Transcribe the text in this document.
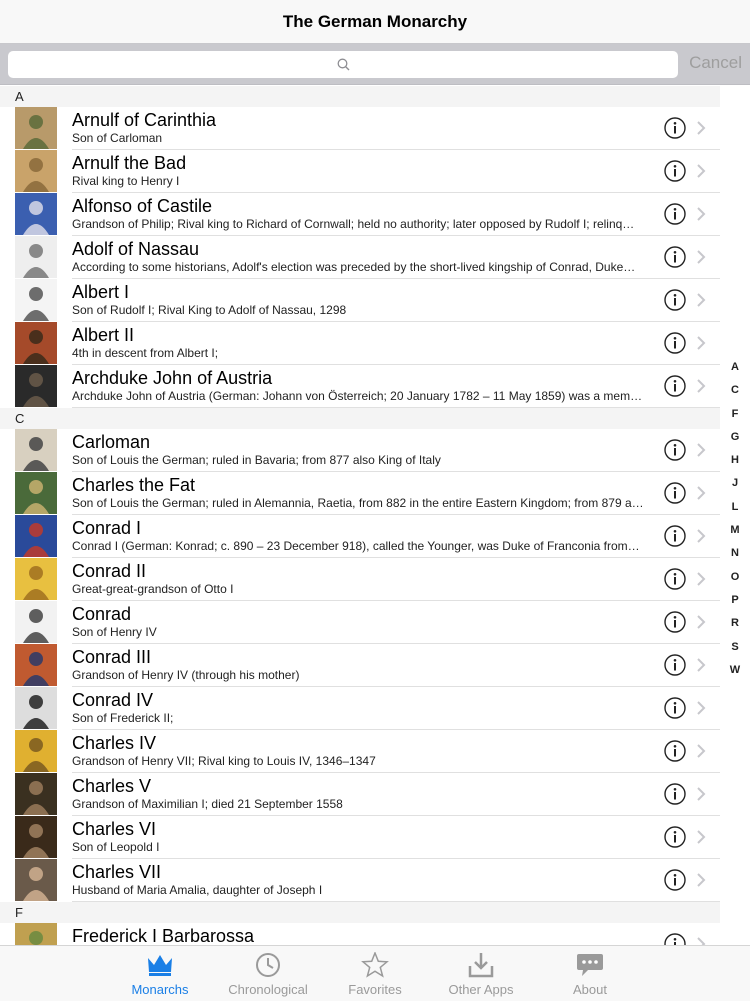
The German Monarchy
Cancel
A
Arnulf of Carinthia
Son of Carloman
Arnulf the Bad
Rival king to Henry I
Alfonso of Castile
Grandson of Philip; Rival king to Richard of Cornwall; held no authority; later opposed by Rudolf I; relinq…
Adolf of Nassau
According to some historians, Adolf's election was preceded by the short-lived kingship of Conrad, Duke…
Albert I
Son of Rudolf I; Rival King to Adolf of Nassau, 1298
Albert II
4th in descent from Albert I;
Archduke John of Austria
Archduke John of Austria (German: Johann von Österreich; 20 January 1782 – 11 May 1859) was a mem…
C
Carloman
Son of Louis the German; ruled in Bavaria; from 877 also King of Italy
Charles the Fat
Son of Louis the German; ruled in Alemannia, Raetia, from 882 in the entire Eastern Kingdom; from 879 a…
Conrad I
Conrad I (German: Konrad; c. 890 – 23 December 918), called the Younger, was Duke of Franconia from…
Conrad II
Great-great-grandson of Otto I
Conrad
Son of Henry IV
Conrad III
Grandson of Henry IV (through his mother)
Conrad IV
Son of Frederick II;
Charles IV
Grandson of Henry VII; Rival king to Louis IV, 1346–1347
Charles V
Grandson of Maximilian I; died 21 September 1558
Charles VI
Son of Leopold I
Charles VII
Husband of Maria Amalia, daughter of Joseph I
F
Frederick I Barbarossa
A
C
F
G
H
J
L
M
N
O
P
R
S
W
Monarchs	Chronological	Favorites	Other Apps	About
